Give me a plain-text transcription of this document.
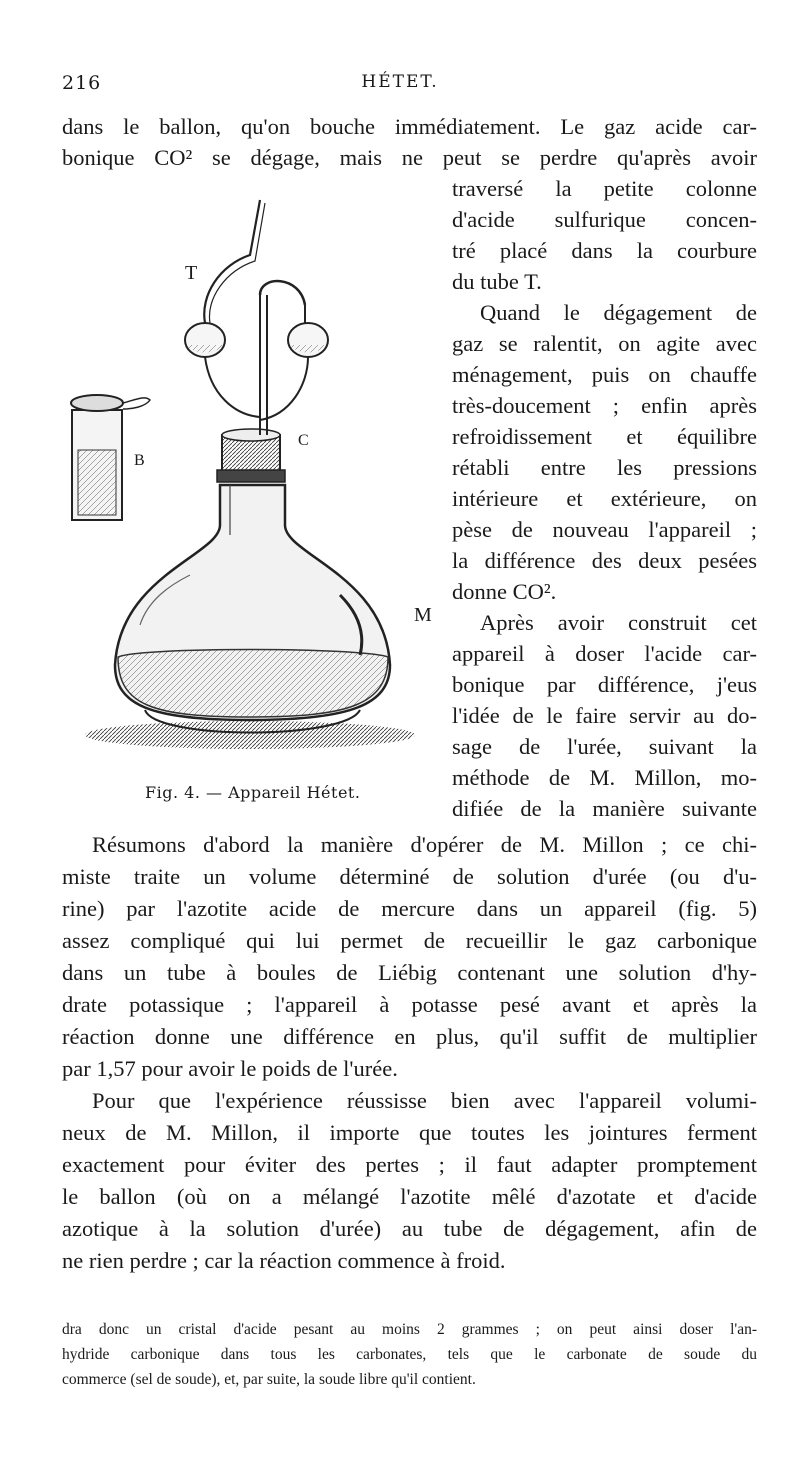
216	HÉTET.
dans le ballon, qu'on bouche immédiatement. Le gaz acide car-
bonique CO² se dégage, mais ne peut se perdre qu'après avoir
traversé la petite colonne
d'acide sulfurique concen-
tré placé dans la courbure
du tube T.
Quand le dégagement de
gaz se ralentit, on agite avec
ménagement, puis on chauffe
très-doucement ; enfin après
refroidissement et équilibre
rétabli entre les pressions
intérieure et extérieure, on
pèse de nouveau l'appareil ;
la différence des deux pesées
donne CO².
Après avoir construit cet
appareil à doser l'acide car-
bonique par différence, j'eus
l'idée de le faire servir au do-
sage de l'urée, suivant la
méthode de M. Millon, mo-
difiée de la manière suivante
Résumons d'abord la manière d'opérer de M. Millon ; ce chi-
miste traite un volume déterminé de solution d'urée (ou d'u-
rine) par l'azotite acide de mercure dans un appareil (fig. 5)
assez compliqué qui lui permet de recueillir le gaz carbonique
dans un tube à boules de Liébig contenant une solution d'hy-
drate potassique ; l'appareil à potasse pesé avant et après la
réaction donne une différence en plus, qu'il suffit de multiplier
par 1,57 pour avoir le poids de l'urée.
Pour que l'expérience réussisse bien avec l'appareil volumi-
neux de M. Millon, il importe que toutes les jointures ferment
exactement pour éviter des pertes ; il faut adapter promptement
le ballon (où on a mélangé l'azotite mêlé d'azotate et d'acide
azotique à la solution d'urée) au tube de dégagement, afin de
ne rien perdre ; car la réaction commence à froid.
dra donc un cristal d'acide pesant au moins 2 grammes ; on peut ainsi doser l'an-
hydride carbonique dans tous les carbonates, tels que le carbonate de soude du
commerce (sel de soude), et, par suite, la soude libre qu'il contient.
T
B
C
M
Fig. 4. — Appareil Hétet.
